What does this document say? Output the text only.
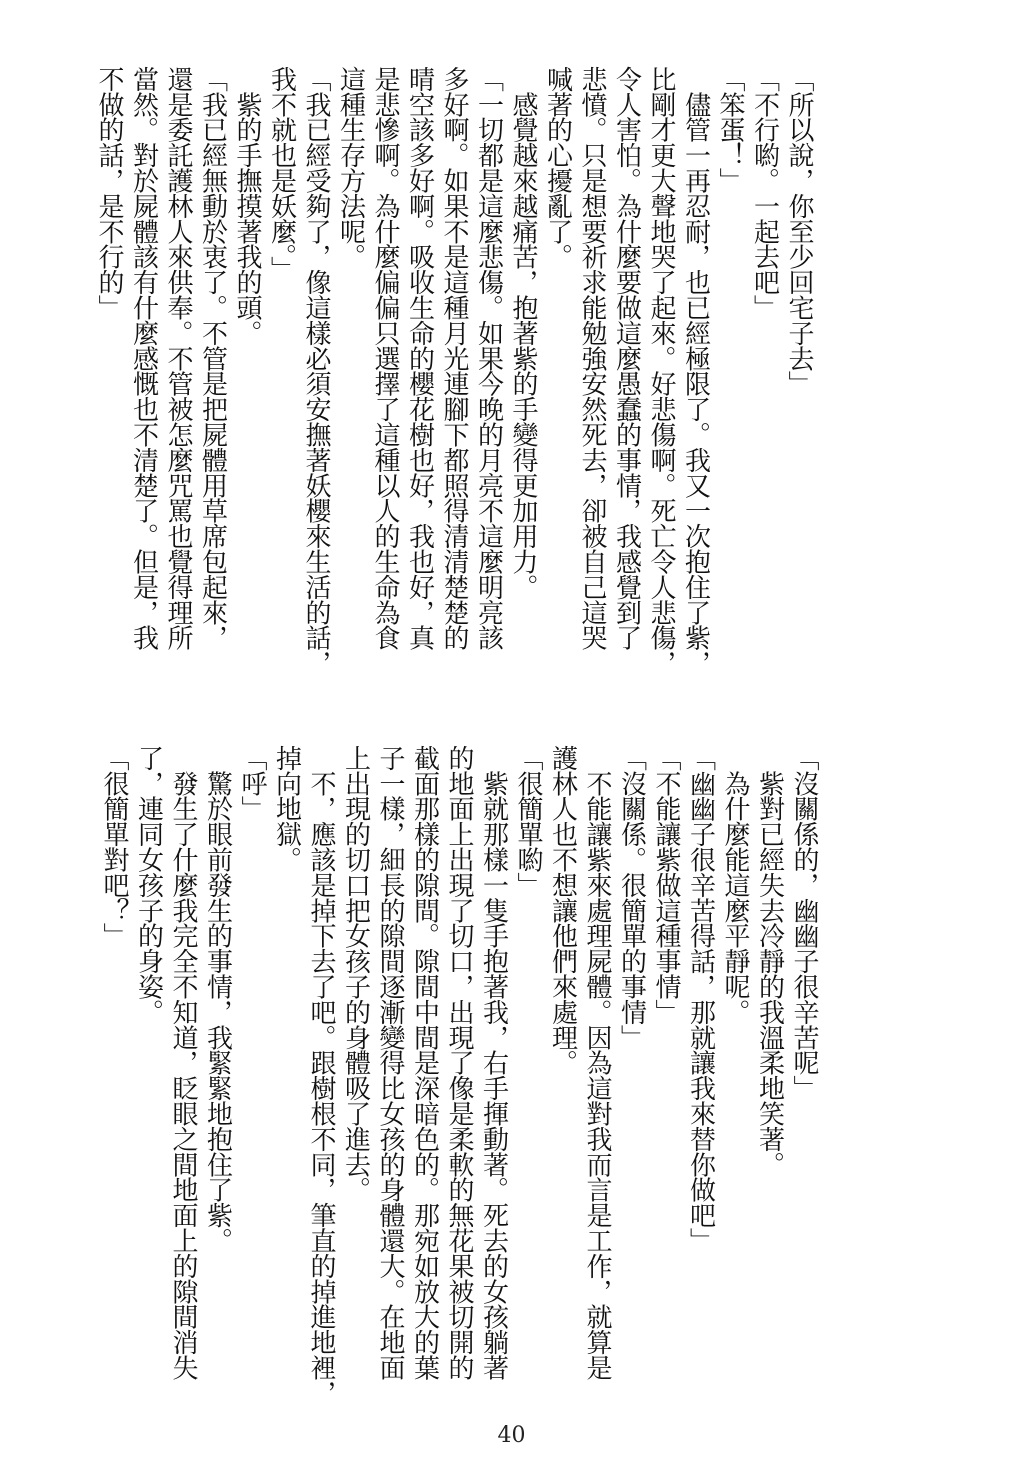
「所以說，你至少回宅子去」

「不行喲。一起去吧」

「笨蛋！」

　儘管一再忍耐，也已經極限了。我又一次抱住了紫，

比剛才更大聲地哭了起來。好悲傷啊。死亡令人悲傷，

令人害怕。為什麼要做這麼愚蠢的事情，我感覺到了

悲憤。只是想要祈求能勉強安然死去，卻被自己這哭

喊著的心擾亂了。

　感覺越來越痛苦，抱著紫的手變得更加用力。

「一切都是這麼悲傷。如果今晚的月亮不這麼明亮該

多好啊。如果不是這種月光連腳下都照得清清楚楚的

晴空該多好啊。吸收生命的櫻花樹也好，我也好，真

是悲慘啊。為什麼偏偏只選擇了這種以人的生命為食

這種生存方法呢。

「我已經受夠了，像這樣必須安撫著妖櫻來生活的話，

我不就也是妖麼。」

　紫的手撫摸著我的頭。

「我已經無動於衷了。不管是把屍體用草席包起來，

還是委託護林人來供奉。不管被怎麼咒罵也覺得理所

當然。對於屍體該有什麼感慨也不清楚了。但是，我

不做的話，是不行的」

「沒關係的，幽幽子很辛苦呢」

　紫對已經失去冷靜的我溫柔地笑著。

　為什麼能這麼平靜呢。

「幽幽子很辛苦得話，那就讓我來替你做吧」

「不能讓紫做這種事情」

「沒關係。很簡單的事情」

　不能讓紫來處理屍體。因為這對我而言是工作，就算是

護林人也不想讓他們來處理。

「很簡單喲」

　紫就那樣一隻手抱著我，右手揮動著。死去的女孩躺著

的地面上出現了切口，出現了像是柔軟的無花果被切開的

截面那樣的隙間。隙間中間是深暗色的。那宛如放大的葉

子一樣，細長的隙間逐漸變得比女孩的身體還大。在地面

上出現的切口把女孩子的身體吸了進去。

　不，應該是掉下去了吧。跟樹根不同，筆直的掉進地裡，

掉向地獄。

「呼」

　驚於眼前發生的事情，我緊緊地抱住了紫。

　發生了什麼我完全不知道，眨眼之間地面上的隙間消失

了，連同女孩子的身姿。

「很簡單對吧？」

40
